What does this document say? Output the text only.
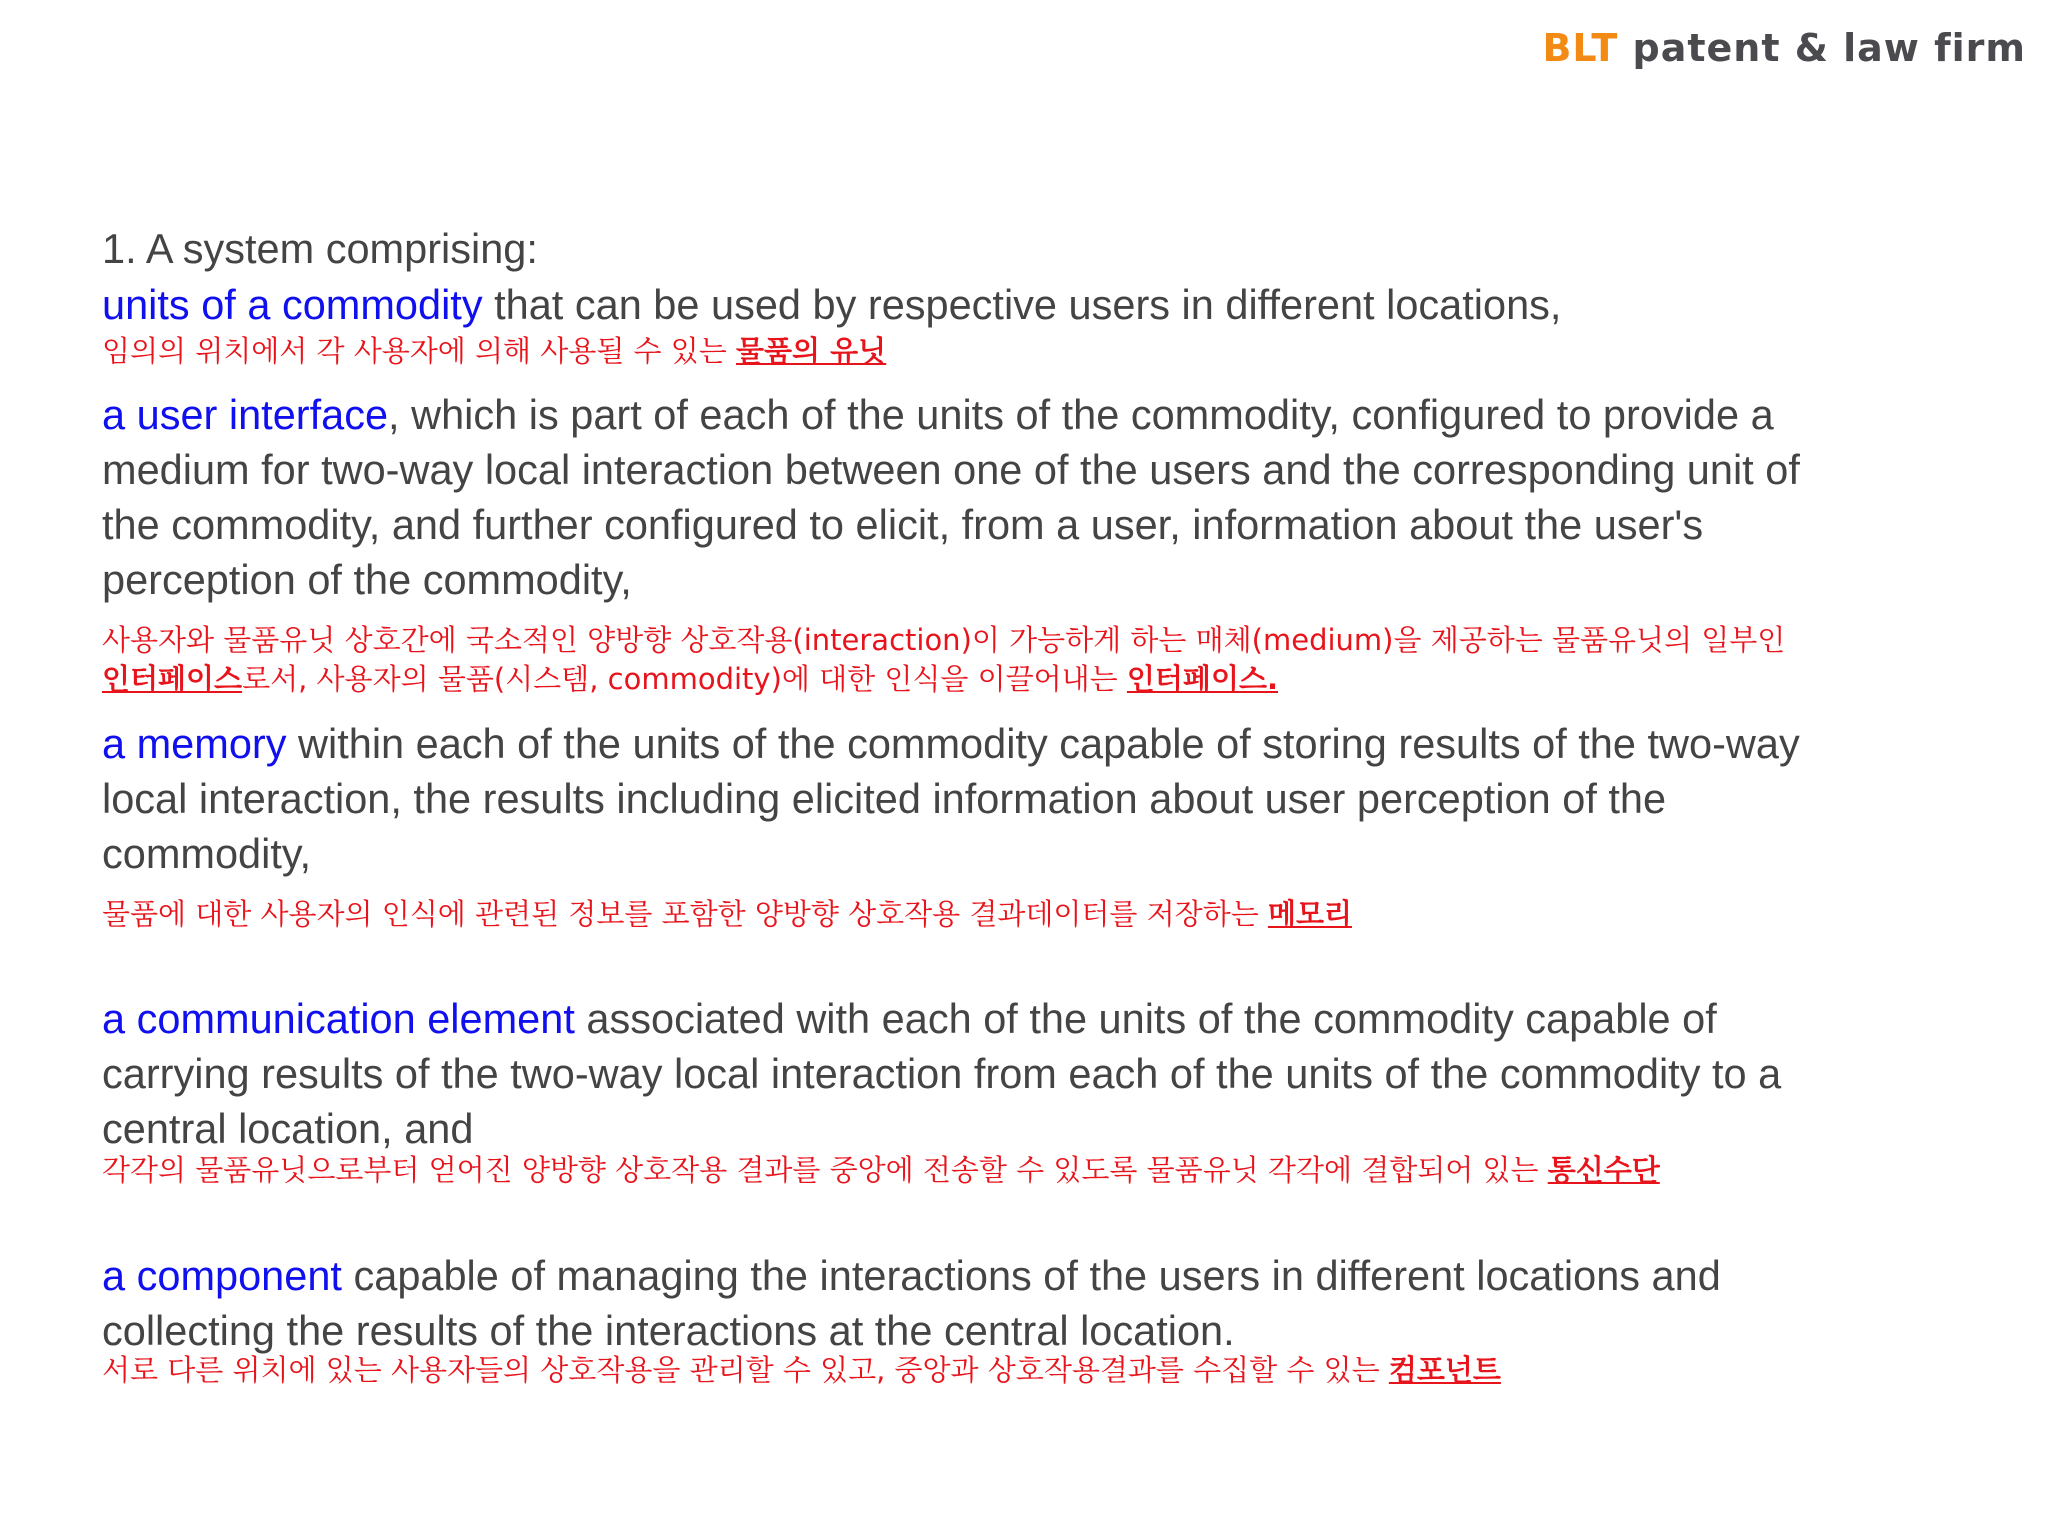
BLT patent & law firm
1. A system comprising:
units of a commodity that can be used by respective users in different locations,
임의의 위치에서 각 사용자에 의해 사용될 수 있는 물품의 유닛
a user interface, which is part of each of the units of the commodity, configured to provide a
medium for two-way local interaction between one of the users and the corresponding unit of
the commodity, and further configured to elicit, from a user, information about the user's
perception of the commodity,
사용자와 물품유닛 상호간에 국소적인 양방향 상호작용(interaction)이 가능하게 하는 매체(medium)을 제공하는 물품유닛의 일부인
인터페이스로서, 사용자의 물품(시스템, commodity)에 대한 인식을 이끌어내는 인터페이스.
a memory within each of the units of the commodity capable of storing results of the two-way
local interaction, the results including elicited information about user perception of the
commodity,
물품에 대한 사용자의 인식에 관련된 정보를 포함한 양방향 상호작용 결과데이터를 저장하는 메모리
a communication element associated with each of the units of the commodity capable of
carrying results of the two-way local interaction from each of the units of the commodity to a
central location, and
각각의 물품유닛으로부터 얻어진 양방향 상호작용 결과를 중앙에 전송할 수 있도록 물품유닛 각각에 결합되어 있는 통신수단
a component capable of managing the interactions of the users in different locations and
collecting the results of the interactions at the central location.
서로 다른 위치에 있는 사용자들의 상호작용을 관리할 수 있고, 중앙과 상호작용결과를 수집할 수 있는 컴포넌트
